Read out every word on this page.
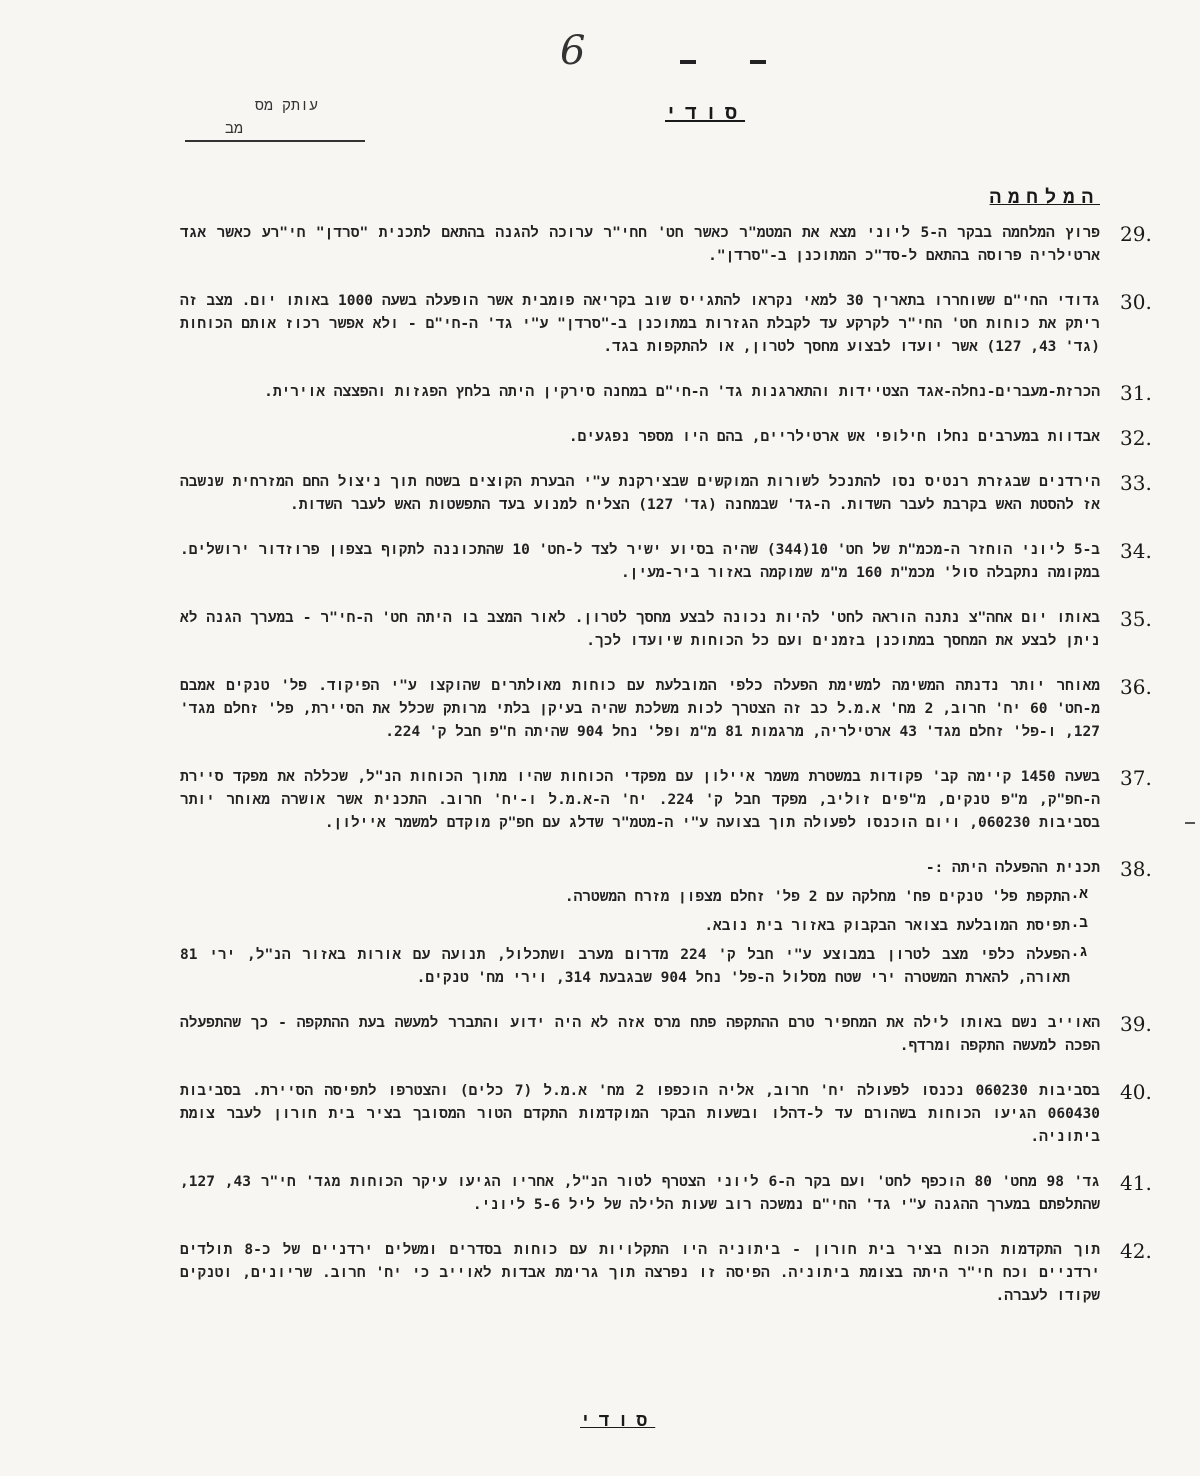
6
סודי
עותק מס
מב
המלחמה
29.
פרוץ המלחמה בבקר ה-5 ליוני מצא את המטמ"ר כאשר חט' חחי"ר ערוכה להגנה בהתאם לתכנית "סרדן" חי"רע כאשר אגד ארטילריה פרוסה בהתאם ל-סד"כ המתוכנן ב-"סרדן".
30.
גדודי החי"ם ששוחררו בתאריך 30 למאי נקראו להתגייס שוב בקריאה פומבית אשר הופעלה בשעה 1000 באותו יום. מצב זה ריתק את כוחות חט' החי"ר לקרקע עד לקבלת הגזרות במתוכנן ב-"סרדן" ע"י גד' ה-חי"ם - ולא אפשר רכוז אותם הכוחות (גד' 43, 127) אשר יועדו לבצוע מחסך לטרון, או להתקפות בגד.
31.
הכרזת-מעברים-נחלה-אגד הצטיידות והתארגנות גד' ה-חי"ם במחנה סירקין היתה בלחץ הפגזות והפצצה אוירית.
32.
אבדוות במערבים נחלו חילופי אש ארטילריים, בהם היו מספר נפגעים.
33.
הירדנים שבגזרת רנטיס נסו להתנכל לשורות המוקשים שבצירקנת ע"י הבערת הקוצים בשטח תוך ניצול החם המזרחית שנשבה אז להסטת האש בקרבת לעבר השדות. ה-גד' שבמחנה (גד' 127) הצליח למנוע בעד התפשטות האש לעבר השדות.
34.
ב-5 ליוני הוחזר ה-מכמ"ת של חט' 10(344) שהיה בסיוע ישיר לצד ל-חט' 10 שהתכוננה לתקוף בצפון פרוזדור ירושלים. במקומה נתקבלה סול' מכמ"ת 160 מ"מ שמוקמה באזור ביר-מעין.
35.
באותו יום אחה"צ נתנה הוראה לחט' להיות נכונה לבצע מחסך לטרון. לאור המצב בו היתה חט' ה-חי"ר - במערך הגנה לא ניתן לבצע את המחסך במתוכנן בזמנים ועם כל הכוחות שיועדו לכך.
36.
מאוחר יותר נדנתה המשימה למשימת הפעלה כלפי המובלעת עם כוחות מאולתרים שהוקצו ע"י הפיקוד. פל' טנקים אמבם מ-חט' 60 יח' חרוב, 2 מח' א.מ.ל כב זה הצטרך לכות משלכת שהיה בעיקן בלתי מרותק שכלל את הסיירת, פל' זחלם מגד' 127, ו-פל' זחלם מגד' 43 ארטילריה, מרגמות 81 מ"מ ופל' נחל 904 שהיתה ח"פ חבל ק' 224.
37.
בשעה 1450 קיימה קב' פקודות במשטרת משמר איילון עם מפקדי הכוחות שהיו מתוך הכוחות הנ"ל, שכללה את מפקד סיירת ה-חפ"ק, מ"פ טנקים, מ"פים זוליב, מפקד חבל ק' 224. יח' ה-א.מ.ל ו-יח' חרוב. התכנית אשר אושרה מאוחר יותר בסביבות 060230, ויום הוכנסו לפעולה תוך בצועה ע"י ה-מטמ"ר שדלג עם חפ"ק מוקדם למשמר איילון.
38.
תכנית ההפעלה היתה :-
א.
התקפת פל' טנקים פח' מחלקה עם 2 פל' זחלם מצפון מזרח המשטרה.
ב.
תפיסת המובלעת בצואר הבקבוק באזור בית נובא.
ג.
הפעלה כלפי מצב לטרון במבוצע ע"י חבל ק' 224 מדרום מערב ושתכלול, תנועה עם אורות באזור הנ"ל, ירי 81 תאורה, להארת המשטרה ירי שטח מסלול ה-פל' נחל 904 שבגבעת 314, וירי מח' טנקים.
39.
האוייב נשם באותו לילה את המחפיר טרם ההתקפה פתח מרס אזה לא היה ידוע והתברר למעשה בעת ההתקפה - כך שהתפעלה הפכה למעשה התקפה ומרדף.
40.
בסביבות 060230 נכנסו לפעולה יח' חרוב, אליה הוכפפו 2 מח' א.מ.ל (7 כלים) והצטרפו לתפיסה הסיירת. בסביבות 060430 הגיעו הכוחות בשהורם עד ל-דהלו ובשעות הבקר המוקדמות התקדם הטור המסובך בציר בית חורון לעבר צומת ביתוניה.
41.
גד' 98 מחט' 80 הוכפף לחט' ועם בקר ה-6 ליוני הצטרף לטור הנ"ל, אחריו הגיעו עיקר הכוחות מגד' חי"ר 43, 127, שהתלפתם במערך ההגנה ע"י גד' החי"ם נמשכה רוב שעות הלילה של ליל 5-6 ליוני.
42.
תוך התקדמות הכוח בציר בית חורון - ביתוניה היו התקלויות עם כוחות בסדרים ומשלים ירדניים של כ-8 תולדים ירדניים וכח חי"ר היתה בצומת ביתוניה. הפיסה זו נפרצה תוך גרימת אבדות לאוייב כי יח' חרוב. שריונים, וטנקים שקודו לעברה.
סודי
